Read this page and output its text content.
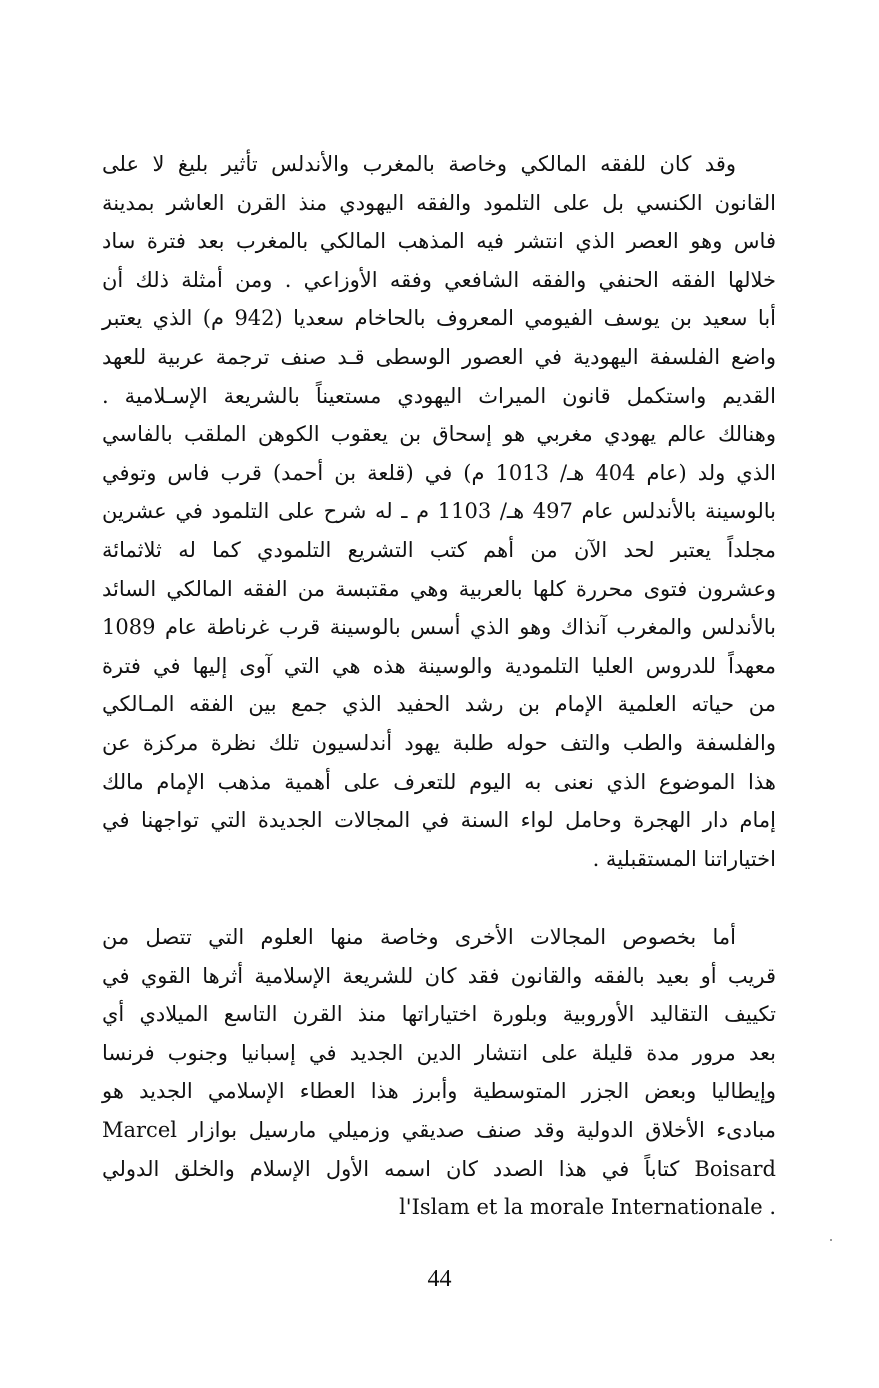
وقد كان للفقه المالكي وخاصة بالمغرب والأندلس تأثير بليغ لا على
القانون الكنسي بل على التلمود والفقه اليهودي منذ القرن العاشر بمدينة
فاس وهو العصر الذي انتشر فيه المذهب المالكي بالمغرب بعد فترة ساد
خلالها الفقه الحنفي والفقه الشافعي وفقه الأوزاعي . ومن أمثلة ذلك أن
أبا سعيد بن يوسف الفيومي المعروف بالحاخام سعديا (942 م) الذي يعتبر
واضع الفلسفة اليهودية في العصور الوسطى قـد صنف ترجمة عربية للعهد
القديم واستكمل قانون الميراث اليهودي مستعيناً بالشريعة الإسـلامية .
وهنالك عالم يهودي مغربي هو إسحاق بن يعقوب الكوهن الملقب بالفاسي
الذي ولد (عام 404 هـ/ 1013 م) في (قلعة بن أحمد) قرب فاس وتوفي
بالوسينة بالأندلس عام 497 هـ/ 1103 م ـ له شرح على التلمود في عشرين
مجلداً يعتبر لحد الآن من أهم كتب التشريع التلمودي كما له ثلاثمائة
وعشرون فتوى محررة كلها بالعربية وهي مقتبسة من الفقه المالكي السائد
بالأندلس والمغرب آنذاك وهو الذي أسس بالوسينة قرب غرناطة عام 1089
معهداً للدروس العليا التلمودية والوسينة هذه هي التي آوى إليها في فترة
من حياته العلمية الإمام بن رشد الحفيد الذي جمع بين الفقه المـالكي
والفلسفة والطب والتف حوله طلبة يهود أندلسيون تلك نظرة مركزة عن
هذا الموضوع الذي نعنى به اليوم للتعرف على أهمية مذهب الإمام مالك
إمام دار الهجرة وحامل لواء السنة في المجالات الجديدة التي تواجهنا في
اختياراتنا المستقبلية .
أما بخصوص المجالات الأخرى وخاصة منها العلوم التي تتصل من
قريب أو بعيد بالفقه والقانون فقد كان للشريعة الإسلامية أثرها القوي في
تكييف التقاليد الأوروبية وبلورة اختياراتها منذ القرن التاسع الميلادي أي
بعد مرور مدة قليلة على انتشار الدين الجديد في إسبانيا وجنوب فرنسا
وإيطاليا وبعض الجزر المتوسطية وأبرز هذا العطاء الإسلامي الجديد هو
مبادىء الأخلاق الدولية وقد صنف صديقي وزميلي مارسيل بوازار Marcel
Boisard كتاباً في هذا الصدد كان اسمه الأول الإسلام والخلق الدولي
. l'Islam et la morale Internationale
44
